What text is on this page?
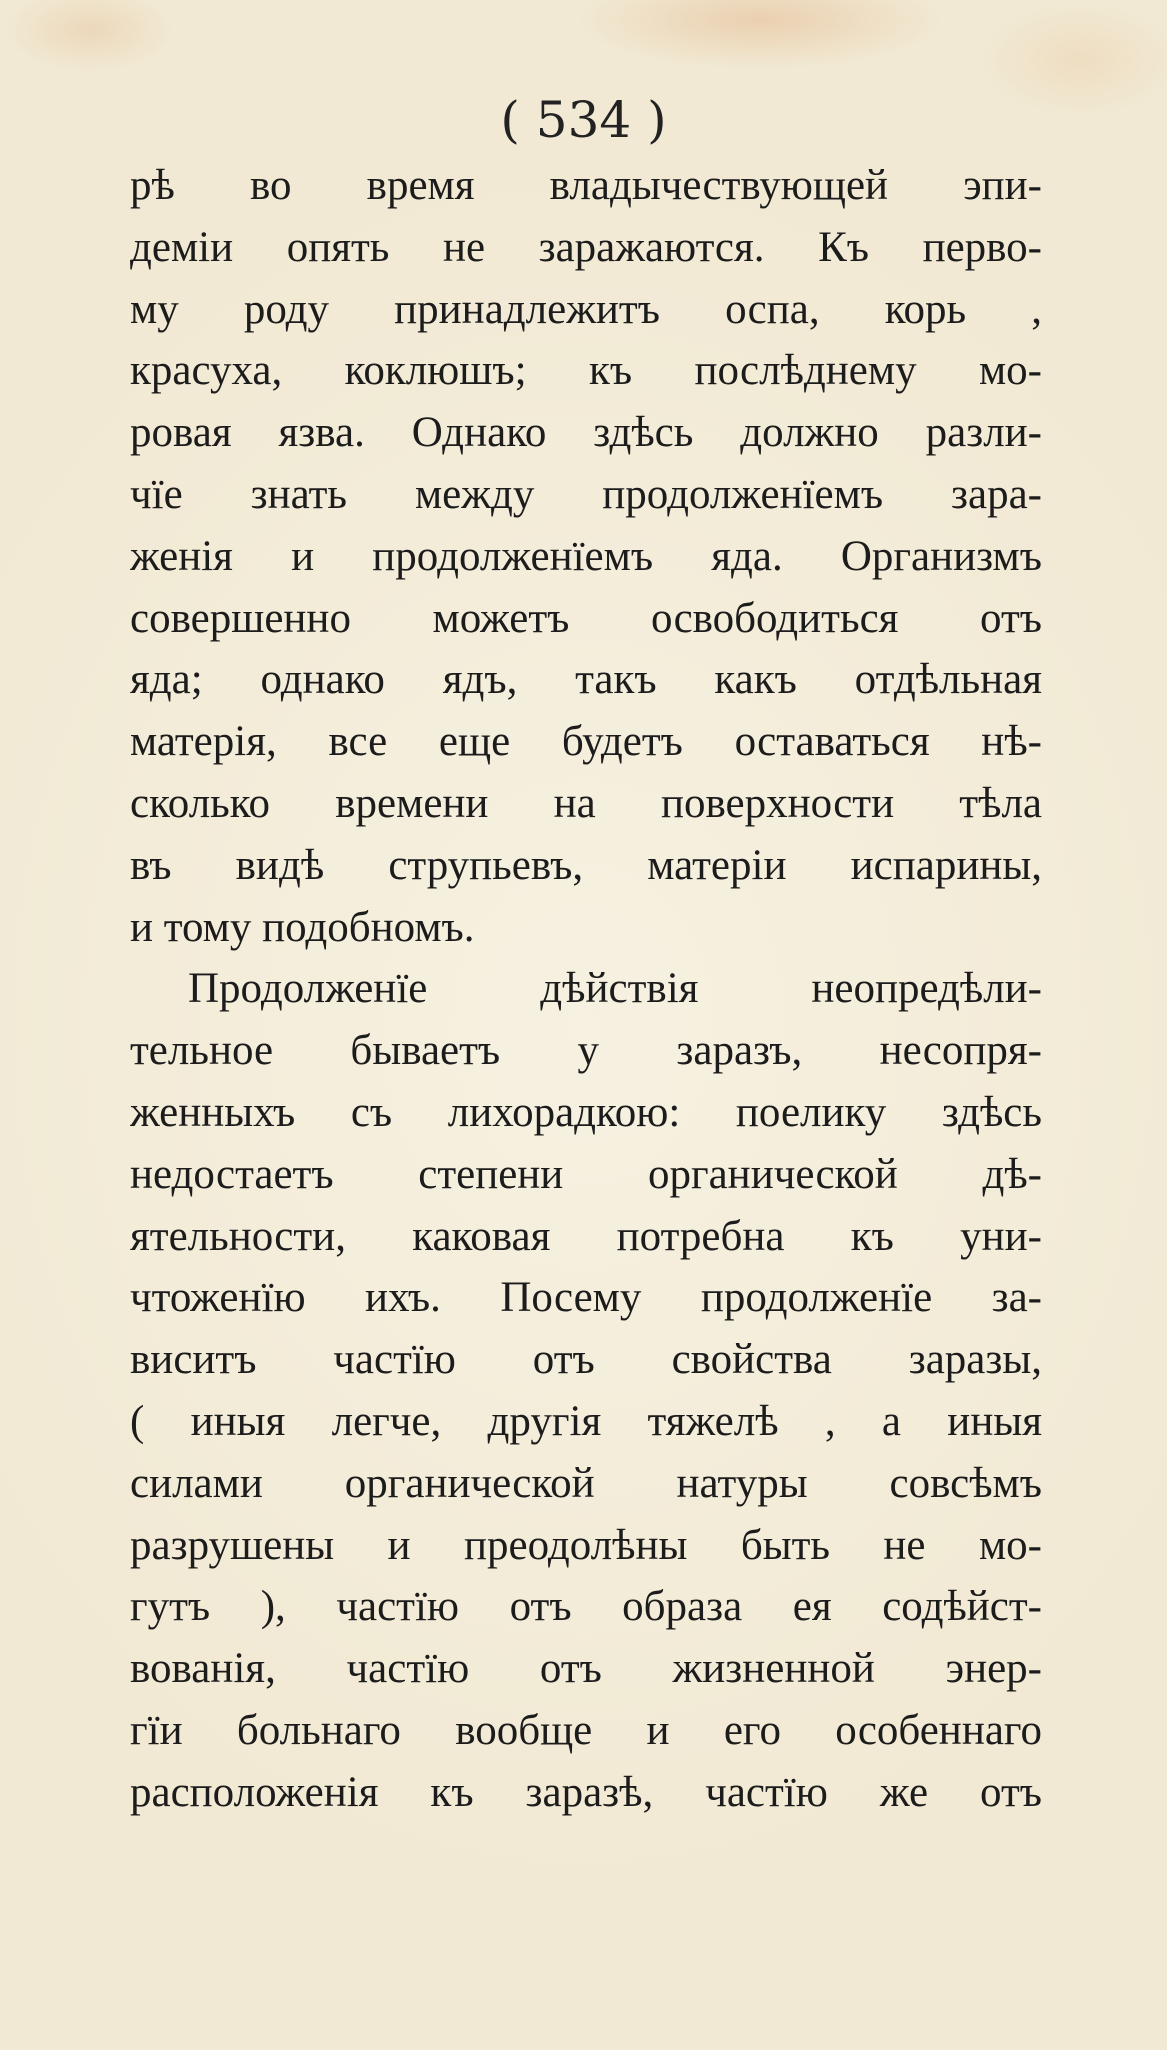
( 534 )
рѣ во время владычествующей эпи-
деміи опять не заражаются. Къ перво-
му роду принадлежитъ оспа, корь ,
красуха, коклюшъ; къ послѣднему мо-
ровая язва. Однако здѣсь должно разли-
чїе знать между продолженїемъ зара-
женія и продолженїемъ яда. Организмъ
совершенно можетъ освободиться отъ
яда; однако ядъ, такъ какъ отдѣльная
матерія, все еще будетъ оставаться нѣ-
сколько времени на поверхности тѣла
въ видѣ струпьевъ, матеріи испарины,
и тому подобномъ.
Продолженїе дѣйствія неопредѣли-
тельное бываетъ у заразъ, несопря-
женныхъ съ лихорадкою: поелику здѣсь
недостаетъ степени органической дѣ-
ятельности, каковая потребна къ уни-
чтоженїю ихъ. Посему продолженїе за-
виситъ частїю отъ свойства заразы,
( иныя легче, другія тяжелѣ , а иныя
силами органической натуры совсѣмъ
разрушены и преодолѣны быть не мо-
гутъ ), частїю отъ образа ея содѣйст-
вованія, частїю отъ жизненной энер-
гїи больнаго вообще и его особеннаго
расположенія къ заразѣ, частїю же отъ
